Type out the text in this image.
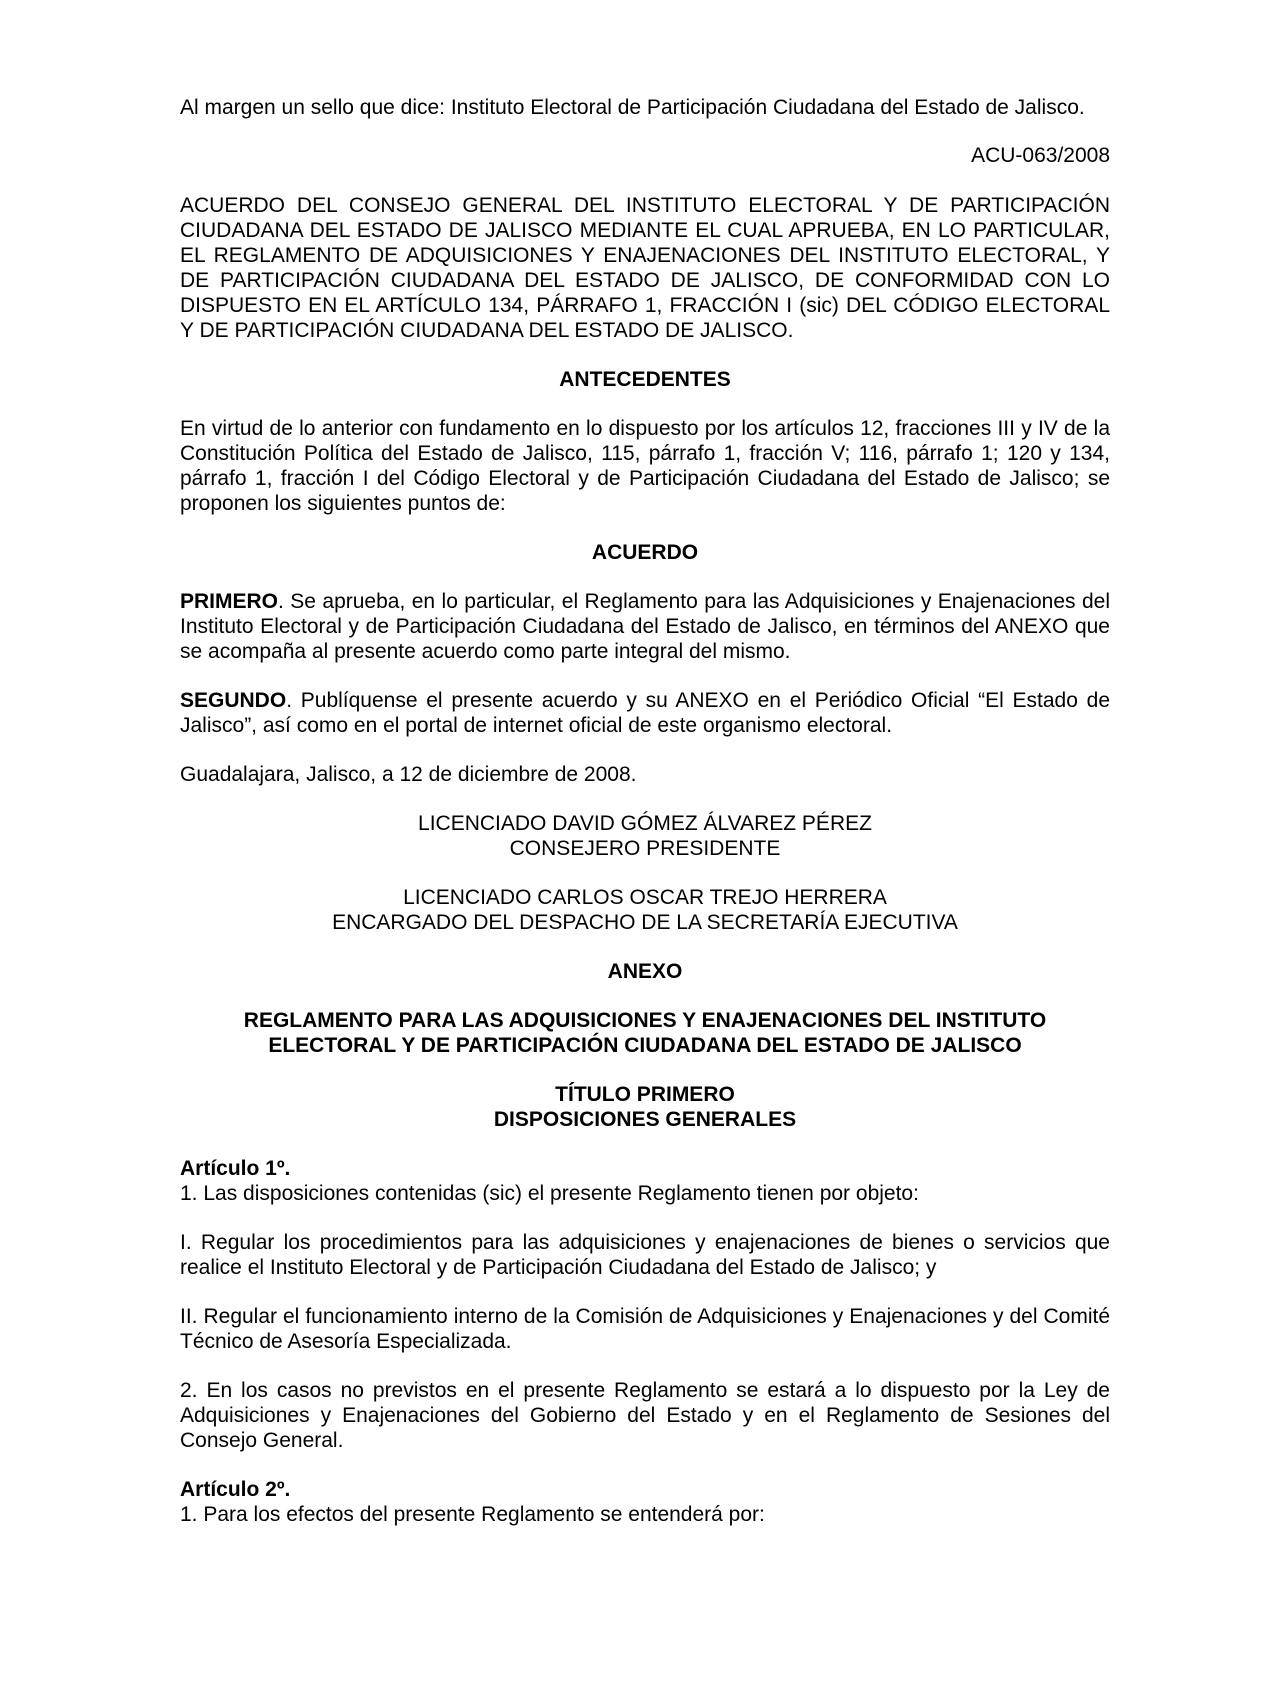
Al margen un sello que dice: Instituto Electoral de Participación Ciudadana del Estado de Jalisco.

ACU-063/2008

ACUERDO DEL CONSEJO GENERAL DEL INSTITUTO ELECTORAL Y DE PARTICIPACIÓN CIUDADANA DEL ESTADO DE JALISCO MEDIANTE EL CUAL APRUEBA, EN LO PARTICULAR, EL REGLAMENTO DE ADQUISICIONES Y ENAJENACIONES DEL INSTITUTO ELECTORAL, Y DE PARTICIPACIÓN CIUDADANA DEL ESTADO DE JALISCO, DE CONFORMIDAD CON LO DISPUESTO EN EL ARTÍCULO 134, PÁRRAFO 1, FRACCIÓN I (sic) DEL CÓDIGO ELECTORAL Y DE PARTICIPACIÓN CIUDADANA DEL ESTADO DE JALISCO.

ANTECEDENTES

En virtud de lo anterior con fundamento en lo dispuesto por los artículos 12, fracciones III y IV de la Constitución Política del Estado de Jalisco, 115, párrafo 1, fracción V; 116, párrafo 1; 120 y 134, párrafo 1, fracción I del Código Electoral y de Participación Ciudadana del Estado de Jalisco; se proponen los siguientes puntos de:

ACUERDO

PRIMERO. Se aprueba, en lo particular, el Reglamento para las Adquisiciones y Enajenaciones del Instituto Electoral y de Participación Ciudadana del Estado de Jalisco, en términos del ANEXO que se acompaña al presente acuerdo como parte integral del mismo.

SEGUNDO. Publíquense el presente acuerdo y su ANEXO en el Periódico Oficial “El Estado de Jalisco”, así como en el portal de internet oficial de este organismo electoral.

Guadalajara, Jalisco, a 12 de diciembre de 2008.

LICENCIADO DAVID GÓMEZ ÁLVAREZ PÉREZ

CONSEJERO PRESIDENTE

LICENCIADO CARLOS OSCAR TREJO HERRERA

ENCARGADO DEL DESPACHO DE LA SECRETARÍA EJECUTIVA

ANEXO

REGLAMENTO PARA LAS ADQUISICIONES Y ENAJENACIONES DEL INSTITUTO

ELECTORAL Y DE PARTICIPACIÓN CIUDADANA DEL ESTADO DE JALISCO

TÍTULO PRIMERO

DISPOSICIONES GENERALES

Artículo 1º.

1. Las disposiciones contenidas (sic) el presente Reglamento tienen por objeto:

I. Regular los procedimientos para las adquisiciones y enajenaciones de bienes o servicios que realice el Instituto Electoral y de Participación Ciudadana del Estado de Jalisco; y

II. Regular el funcionamiento interno de la Comisión de Adquisiciones y Enajenaciones y del Comité Técnico de Asesoría Especializada.

2. En los casos no previstos en el presente Reglamento se estará a lo dispuesto por la Ley de Adquisiciones y Enajenaciones del Gobierno del Estado y en el Reglamento de Sesiones del Consejo General.

Artículo 2º.

1. Para los efectos del presente Reglamento se entenderá por:
